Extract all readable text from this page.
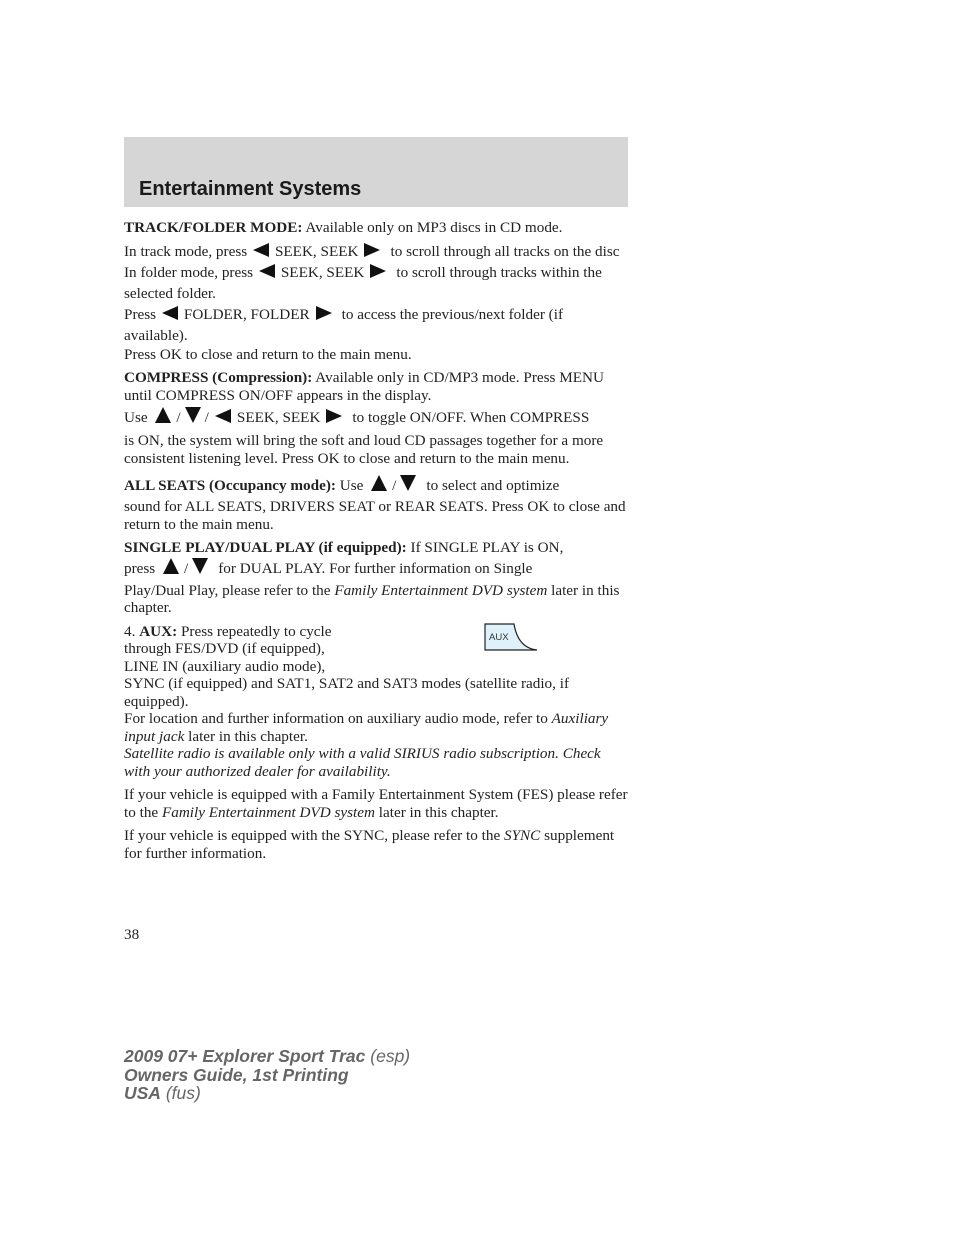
Entertainment Systems
TRACK/FOLDER MODE: Available only on MP3 discs in CD mode.
In track mode, press SEEK, SEEK to scroll through all tracks on the disc
In folder mode, press SEEK, SEEK to scroll through tracks within the selected folder.
Press FOLDER, FOLDER to access the previous/next folder (if available).
Press OK to close and return to the main menu.
COMPRESS (Compression): Available only in CD/MP3 mode. Press MENU until COMPRESS ON/OFF appears in the display.
Use / / SEEK, SEEK to toggle ON/OFF. When COMPRESS
is ON, the system will bring the soft and loud CD passages together for a more consistent listening level. Press OK to close and return to the main menu.
ALL SEATS (Occupancy mode): Use / to select and optimize
sound for ALL SEATS, DRIVERS SEAT or REAR SEATS. Press OK to close and return to the main menu.
SINGLE PLAY/DUAL PLAY (if equipped): If SINGLE PLAY is ON,
press / for DUAL PLAY. For further information on Single
Play/Dual Play, please refer to the Family Entertainment DVD system later in this chapter.
AUX
4. AUX: Press repeatedly to cycle
through FES/DVD (if equipped),
LINE IN (auxiliary audio mode),
SYNC (if equipped) and SAT1, SAT2 and SAT3 modes (satellite radio, if equipped).
For location and further information on auxiliary audio mode, refer to Auxiliary input jack later in this chapter.
Satellite radio is available only with a valid SIRIUS radio subscription. Check with your authorized dealer for availability.
If your vehicle is equipped with a Family Entertainment System (FES) please refer to the Family Entertainment DVD system later in this chapter.
If your vehicle is equipped with the SYNC, please refer to the SYNC supplement for further information.
38
2009 07+ Explorer Sport Trac (esp)
Owners Guide, 1st Printing
USA (fus)
